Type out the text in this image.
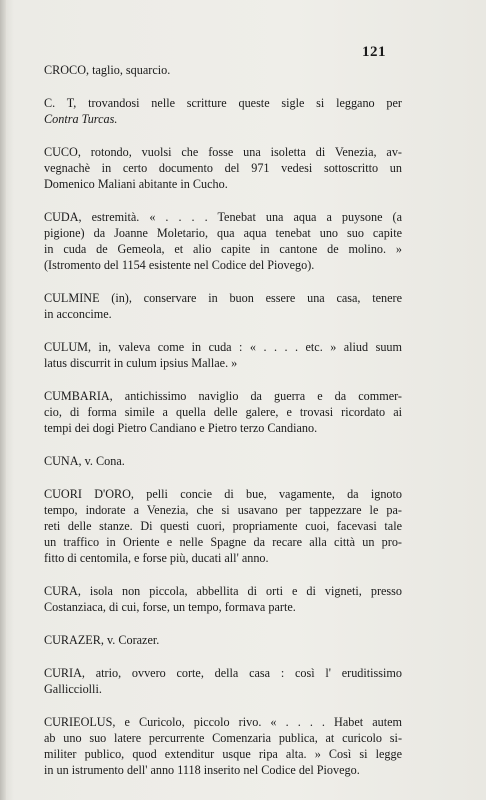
121
CROCO, taglio, squarcio.
C. T, trovandosi nelle scritture queste sigle si leggano per
Contra Turcas.
CUCO, rotondo, vuolsi che fosse una isoletta di Venezia, av-
vegnachè in certo documento del 971 vedesi sottoscritto un
Domenico Maliani abitante in Cucho.
CUDA, estremità. « . . . . Tenebat una aqua a puysone (a
pigione) da Joanne Moletario, qua aqua tenebat uno suo capite
in cuda de Gemeola, et alio capite in cantone de molino. »
(Istromento del 1154 esistente nel Codice del Piovego).
CULMINE (in), conservare in buon essere una casa, tenere
in acconcime.
CULUM, in, valeva come in cuda : « . . . . etc. » aliud suum
latus discurrit in culum ipsius Mallae. »
CUMBARIA, antichissimo naviglio da guerra e da commer-
cio, di forma simile a quella delle galere, e trovasi ricordato ai
tempi dei dogi Pietro Candiano e Pietro terzo Candiano.
CUNA, v. Cona.
CUORI D'ORO, pelli concie di bue, vagamente, da ignoto
tempo, indorate a Venezia, che si usavano per tappezzare le pa-
reti delle stanze. Di questi cuori, propriamente cuoi, facevasi tale
un traffico in Oriente e nelle Spagne da recare alla città un pro-
fitto di centomila, e forse più, ducati all' anno.
CURA, isola non piccola, abbellita di orti e di vigneti, presso
Costanziaca, di cui, forse, un tempo, formava parte.
CURAZER, v. Corazer.
CURIA, atrio, ovvero corte, della casa : così l' eruditissimo
Gallicciolli.
CURIEOLUS, e Curicolo, piccolo rivo. « . . . . Habet autem
ab uno suo latere percurrente Comenzaria publica, at curicolo si-
militer publico, quod extenditur usque ripa alta. » Così si legge
in un istrumento dell' anno 1118 inserito nel Codice del Piovego.
